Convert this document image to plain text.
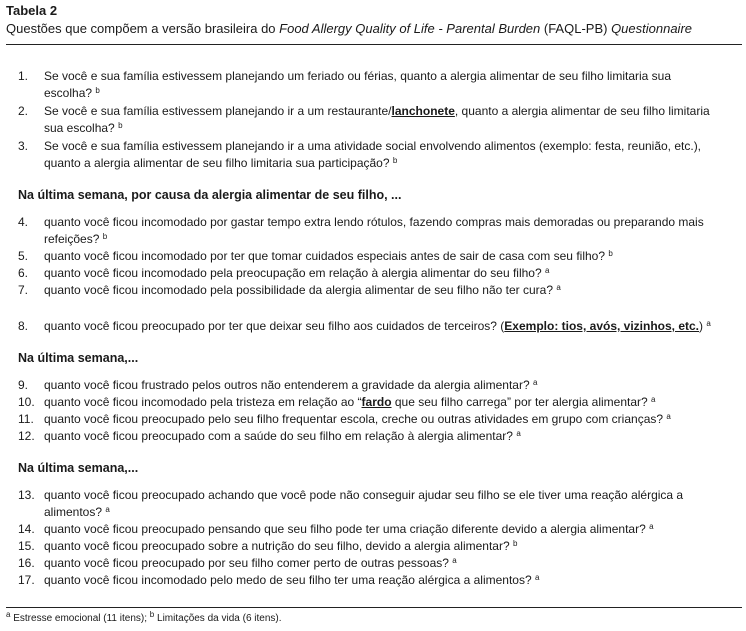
Tabela 2
Questões que compõem a versão brasileira do Food Allergy Quality of Life - Parental Burden (FAQL-PB) Questionnaire
1.	Se você e sua família estivessem planejando um feriado ou férias, quanto a alergia alimentar de seu filho limitaria sua
escolha? $^b$
2.	Se você e sua família estivessem planejando ir a um restaurante/lanchonete, quanto a alergia alimentar de seu filho limitaria
sua escolha? $^b$
3.	Se você e sua família estivessem planejando ir a uma atividade social envolvendo alimentos (exemplo: festa, reunião, etc.),
quanto a alergia alimentar de seu filho limitaria sua participação? $^b$
Na última semana, por causa da alergia alimentar de seu filho, ...
4.	quanto você ficou incomodado por gastar tempo extra lendo rótulos, fazendo compras mais demoradas ou preparando mais
refeições? $^b$
5.	quanto você ficou incomodado por ter que tomar cuidados especiais antes de sair de casa com seu filho? $^b$
6.	quanto você ficou incomodado pela preocupação em relação à alergia alimentar do seu filho? $^a$
7.	quanto você ficou incomodado pela possibilidade da alergia alimentar de seu filho não ter cura? $^a$
8.	quanto você ficou preocupado por ter que deixar seu filho aos cuidados de terceiros? (Exemplo: tios, avós, vizinhos, etc.) $^a$
Na última semana,...
9.	quanto você ficou frustrado pelos outros não entenderem a gravidade da alergia alimentar? $^a$
10. quanto você ficou incomodado pela tristeza em relação ao “fardo que seu filho carrega” por ter alergia alimentar? $^a$
11. quanto você ficou preocupado pelo seu filho frequentar escola, creche ou outras atividades em grupo com crianças? $^a$
12. quanto você ficou preocupado com a saúde do seu filho em relação à alergia alimentar? $^a$
Na última semana,...
13. quanto você ficou preocupado achando que você pode não conseguir ajudar seu filho se ele tiver uma reação alérgica a
alimentos? $^a$
14. quanto você ficou preocupado pensando que seu filho pode ter uma criação diferente devido a alergia alimentar? $^a$
15. quanto você ficou preocupado sobre a nutrição do seu filho, devido a alergia alimentar? $^b$
16. quanto você ficou preocupado por seu filho comer perto de outras pessoas? $^a$
17. quanto você ficou incomodado pelo medo de seu filho ter uma reação alérgica a alimentos? $^a$
$^a$ Estresse emocional (11 itens); $^b$ Limitações da vida (6 itens).
